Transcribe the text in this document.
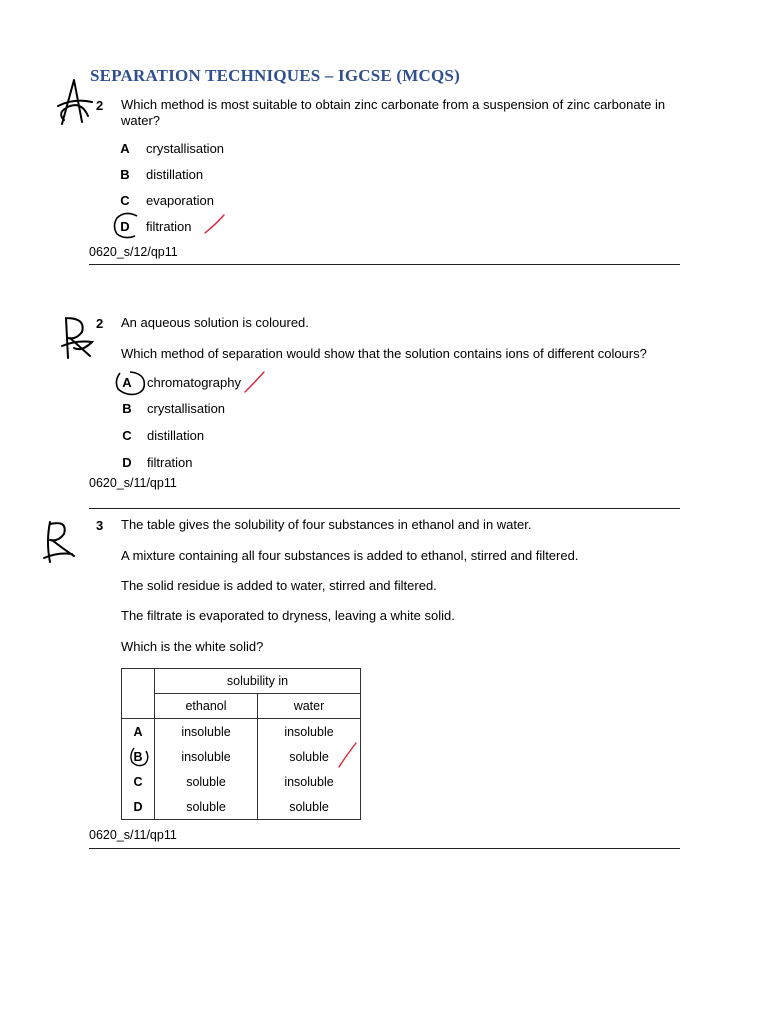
SEPARATION TECHNIQUES – IGCSE (MCQS)
2 Which method is most suitable to obtain zinc carbonate from a suspension of zinc carbonate in
water?
A crystallisation
B distillation
C evaporation
D filtration
0620_s/12/qp11
2 An aqueous solution is coloured.
Which method of separation would show that the solution contains ions of different colours?
A chromatography
B crystallisation
C distillation
D filtration
0620_s/11/qp11
3 The table gives the solubility of four substances in ethanol and in water.
A mixture containing all four substances is added to ethanol, stirred and filtered.
The solid residue is added to water, stirred and filtered.
The filtrate is evaporated to dryness, leaving a white solid.
Which is the white solid?
	solubility in	
	ethanol	water
A	insoluble	insoluble
B	insoluble	soluble
C	soluble	insoluble
D	soluble	soluble
0620_s/11/qp11
